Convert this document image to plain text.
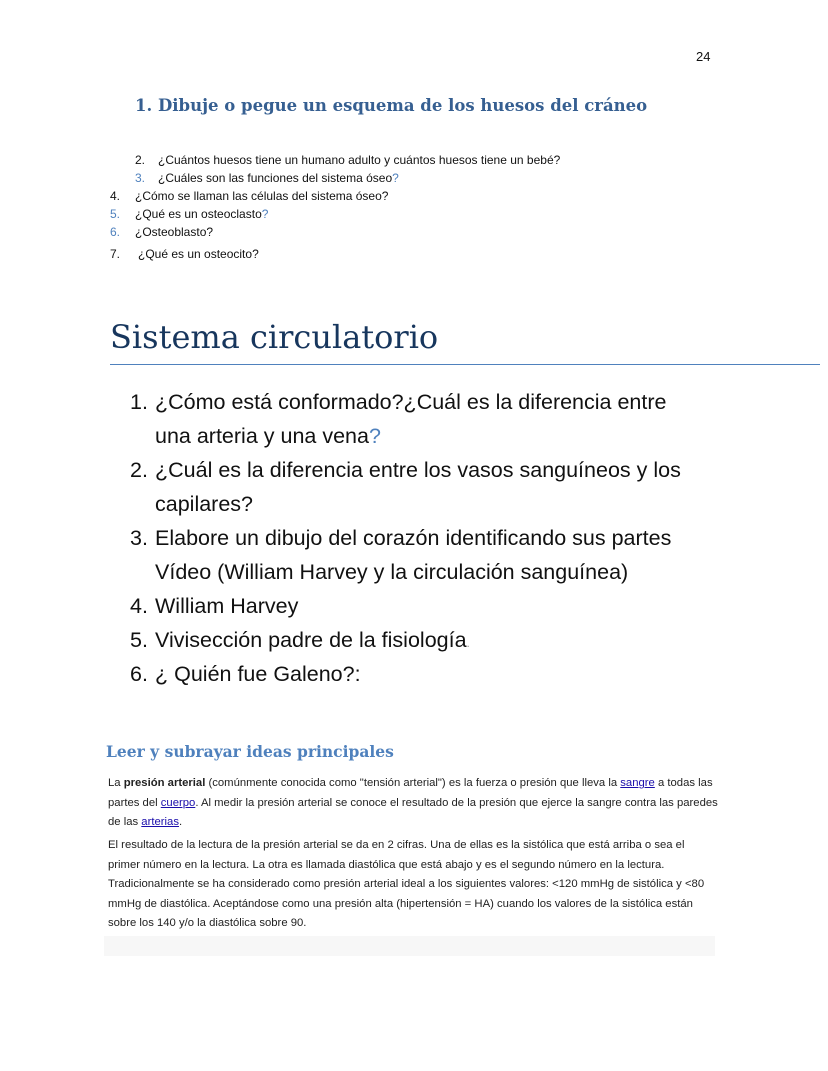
24
1. Dibuje o pegue un esquema de los huesos del cráneo
2. ¿Cuántos huesos tiene un humano adulto y cuántos huesos tiene un bebé?
3. ¿Cuáles son las funciones del sistema óseo?
4. ¿Cómo se llaman las células del sistema óseo?
5. ¿Qué es un osteoclasto?
6. ¿Osteoblasto?
7. ¿Qué es un osteocito?
Sistema circulatorio
1. ¿Cómo está conformado?¿Cuál es la diferencia entre
una arteria y una vena?
2. ¿Cuál es la diferencia entre los vasos sanguíneos y los
capilares?
3. Elabore un dibujo del corazón identificando sus partes
Vídeo (William Harvey y la circulación sanguínea)
4. William Harvey
5. Vivisección padre de la fisiología.
6. ¿ Quién fue Galeno?:
Leer y subrayar ideas principales
La presión arterial (comúnmente conocida como "tensión arterial") es la fuerza o presión que lleva la sangre a todas las partes del cuerpo. Al medir la presión arterial se conoce el resultado de la presión que ejerce la sangre contra las paredes de las arterias.
El resultado de la lectura de la presión arterial se da en 2 cifras. Una de ellas es la sistólica que está arriba o sea el primer número en la lectura. La otra es llamada diastólica que está abajo y es el segundo número en la lectura. Tradicionalmente se ha considerado como presión arterial ideal a los siguientes valores: <120 mmHg de sistólica y <80 mmHg de diastólica. Aceptándose como una presión alta (hipertensión = HA) cuando los valores de la sistólica están sobre los 140 y/o la diastólica sobre 90.
